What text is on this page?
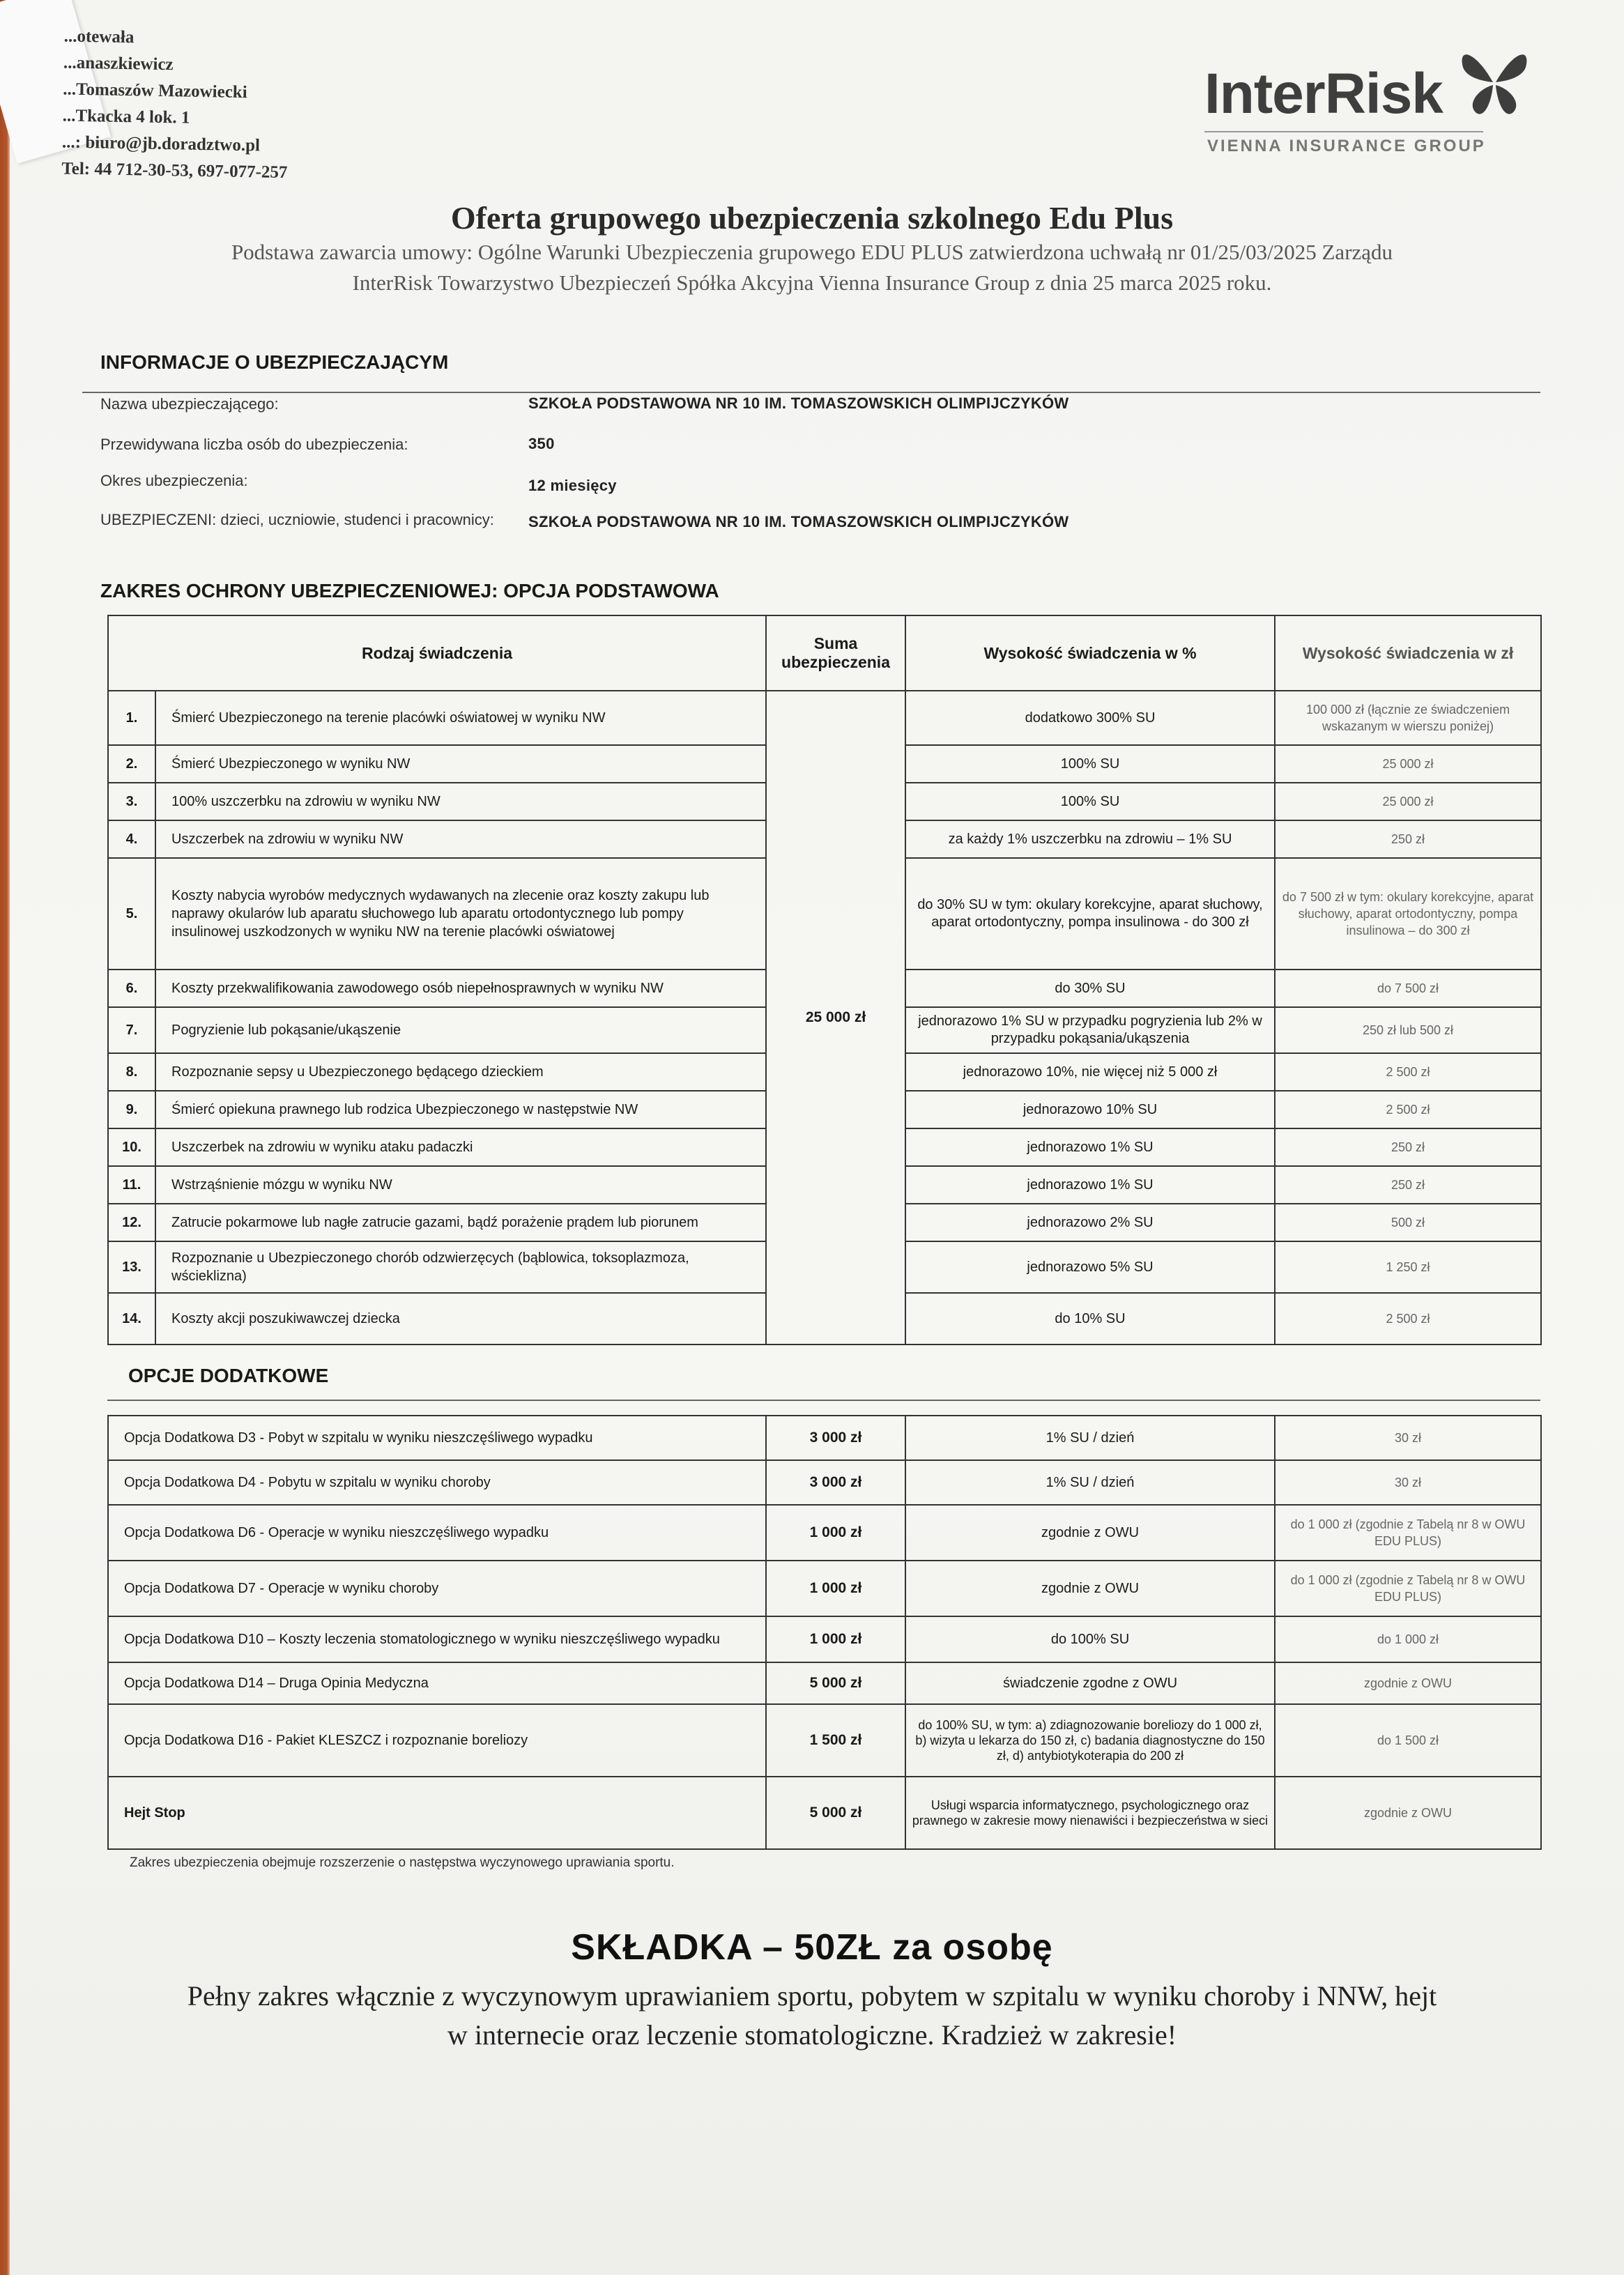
...otewała
...anaszkiewicz
...Tomaszów Mazowiecki
...Tkacka 4 lok. 1
...: biuro@jb.doradztwo.pl
Tel: 44 712-30-53, 697-077-257
InterRisk
VIENNA INSURANCE GROUP
Oferta grupowego ubezpieczenia szkolnego Edu Plus
Podstawa zawarcia umowy: Ogólne Warunki Ubezpieczenia grupowego EDU PLUS zatwierdzona uchwałą nr 01/25/03/2025 Zarządu InterRisk Towarzystwo Ubezpieczeń Spółka Akcyjna Vienna Insurance Group z dnia 25 marca 2025 roku.
INFORMACJE O UBEZPIECZAJĄCYM
Nazwa ubezpieczającego:	SZKOŁA PODSTAWOWA NR 10 IM. TOMASZOWSKICH OLIMPIJCZYKÓW
Przewidywana liczba osób do ubezpieczenia:	350
Okres ubezpieczenia:	12 miesięcy
UBEZPIECZENI: dzieci, uczniowie, studenci i pracownicy:	SZKOŁA PODSTAWOWA NR 10 IM. TOMASZOWSKICH OLIMPIJCZYKÓW
ZAKRES OCHRONY UBEZPIECZENIOWEJ: OPCJA PODSTAWOWA
Rodzaj świadczenia		Suma ubezpieczenia	Wysokość świadczenia w %	Wysokość świadczenia w zł
1.	Śmierć Ubezpieczonego na terenie placówki oświatowej w wyniku NW	25 000 zł	dodatkowo 300% SU	100 000 zł (łącznie ze świadczeniem wskazanym w wierszu poniżej)
2.	Śmierć Ubezpieczonego w wyniku NW		100% SU	25 000 zł
3.	100% uszczerbku na zdrowiu w wyniku NW		100% SU	25 000 zł
4.	Uszczerbek na zdrowiu w wyniku NW		za każdy 1% uszczerbku na zdrowiu – 1% SU	250 zł
5.	Koszty nabycia wyrobów medycznych wydawanych na zlecenie oraz koszty zakupu lub naprawy okularów lub aparatu słuchowego lub aparatu ortodontycznego lub pompy insulinowej uszkodzonych w wyniku NW na terenie placówki oświatowej		do 30% SU w tym: okulary korekcyjne, aparat słuchowy, aparat ortodontyczny, pompa insulinowa - do 300 zł	do 7 500 zł w tym: okulary korekcyjne, aparat słuchowy, aparat ortodontyczny, pompa insulinowa – do 300 zł
6.	Koszty przekwalifikowania zawodowego osób niepełnosprawnych w wyniku NW		do 30% SU	do 7 500 zł
7.	Pogryzienie lub pokąsanie/ukąszenie		jednorazowo 1% SU w przypadku pogryzienia lub 2% w przypadku pokąsania/ukąszenia	250 zł lub 500 zł
8.	Rozpoznanie sepsy u Ubezpieczonego będącego dzieckiem		jednorazowo 10%, nie więcej niż 5 000 zł	2 500 zł
9.	Śmierć opiekuna prawnego lub rodzica Ubezpieczonego w następstwie NW		jednorazowo 10% SU	2 500 zł
10.	Uszczerbek na zdrowiu w wyniku ataku padaczki		jednorazowo 1% SU	250 zł
11.	Wstrząśnienie mózgu w wyniku NW		jednorazowo 1% SU	250 zł
12.	Zatrucie pokarmowe lub nagłe zatrucie gazami, bądź porażenie prądem lub piorunem		jednorazowo 2% SU	500 zł
13.	Rozpoznanie u Ubezpieczonego chorób odzwierzęcych (bąblowica, toksoplazmoza, wścieklizna)		jednorazowo 5% SU	1 250 zł
14.	Koszty akcji poszukiwawczej dziecka		do 10% SU	2 500 zł
OPCJE DODATKOWE
Opcja Dodatkowa D3 - Pobyt w szpitalu w wyniku nieszczęśliwego wypadku	3 000 zł	1% SU / dzień	30 zł
Opcja Dodatkowa D4 - Pobytu w szpitalu w wyniku choroby	3 000 zł	1% SU / dzień	30 zł
Opcja Dodatkowa D6 - Operacje w wyniku nieszczęśliwego wypadku	1 000 zł	zgodnie z OWU	do 1 000 zł (zgodnie z Tabelą nr 8 w OWU EDU PLUS)
Opcja Dodatkowa D7 - Operacje w wyniku choroby	1 000 zł	zgodnie z OWU	do 1 000 zł (zgodnie z Tabelą nr 8 w OWU EDU PLUS)
Opcja Dodatkowa D10 – Koszty leczenia stomatologicznego w wyniku nieszczęśliwego wypadku	1 000 zł	do 100% SU	do 1 000 zł
Opcja Dodatkowa D14 – Druga Opinia Medyczna	5 000 zł	świadczenie zgodne z OWU	zgodnie z OWU
Opcja Dodatkowa D16 - Pakiet KLESZCZ i rozpoznanie boreliozy	1 500 zł	do 100% SU, w tym: a) zdiagnozowanie boreliozy do 1 000 zł, b) wizyta u lekarza do 150 zł, c) badania diagnostyczne do 150 zł, d) antybiotykoterapia do 200 zł	do 1 500 zł
Hejt Stop	5 000 zł	Usługi wsparcia informatycznego, psychologicznego oraz prawnego w zakresie mowy nienawiści i bezpieczeństwa w sieci	zgodnie z OWU
Zakres ubezpieczenia obejmuje rozszerzenie o następstwa wyczynowego uprawiania sportu.
SKŁADKA – 50ZŁ za osobę
Pełny zakres włącznie z wyczynowym uprawianiem sportu, pobytem w szpitalu w wyniku choroby i NNW, hejt w internecie oraz leczenie stomatologiczne. Kradzież w zakresie!
